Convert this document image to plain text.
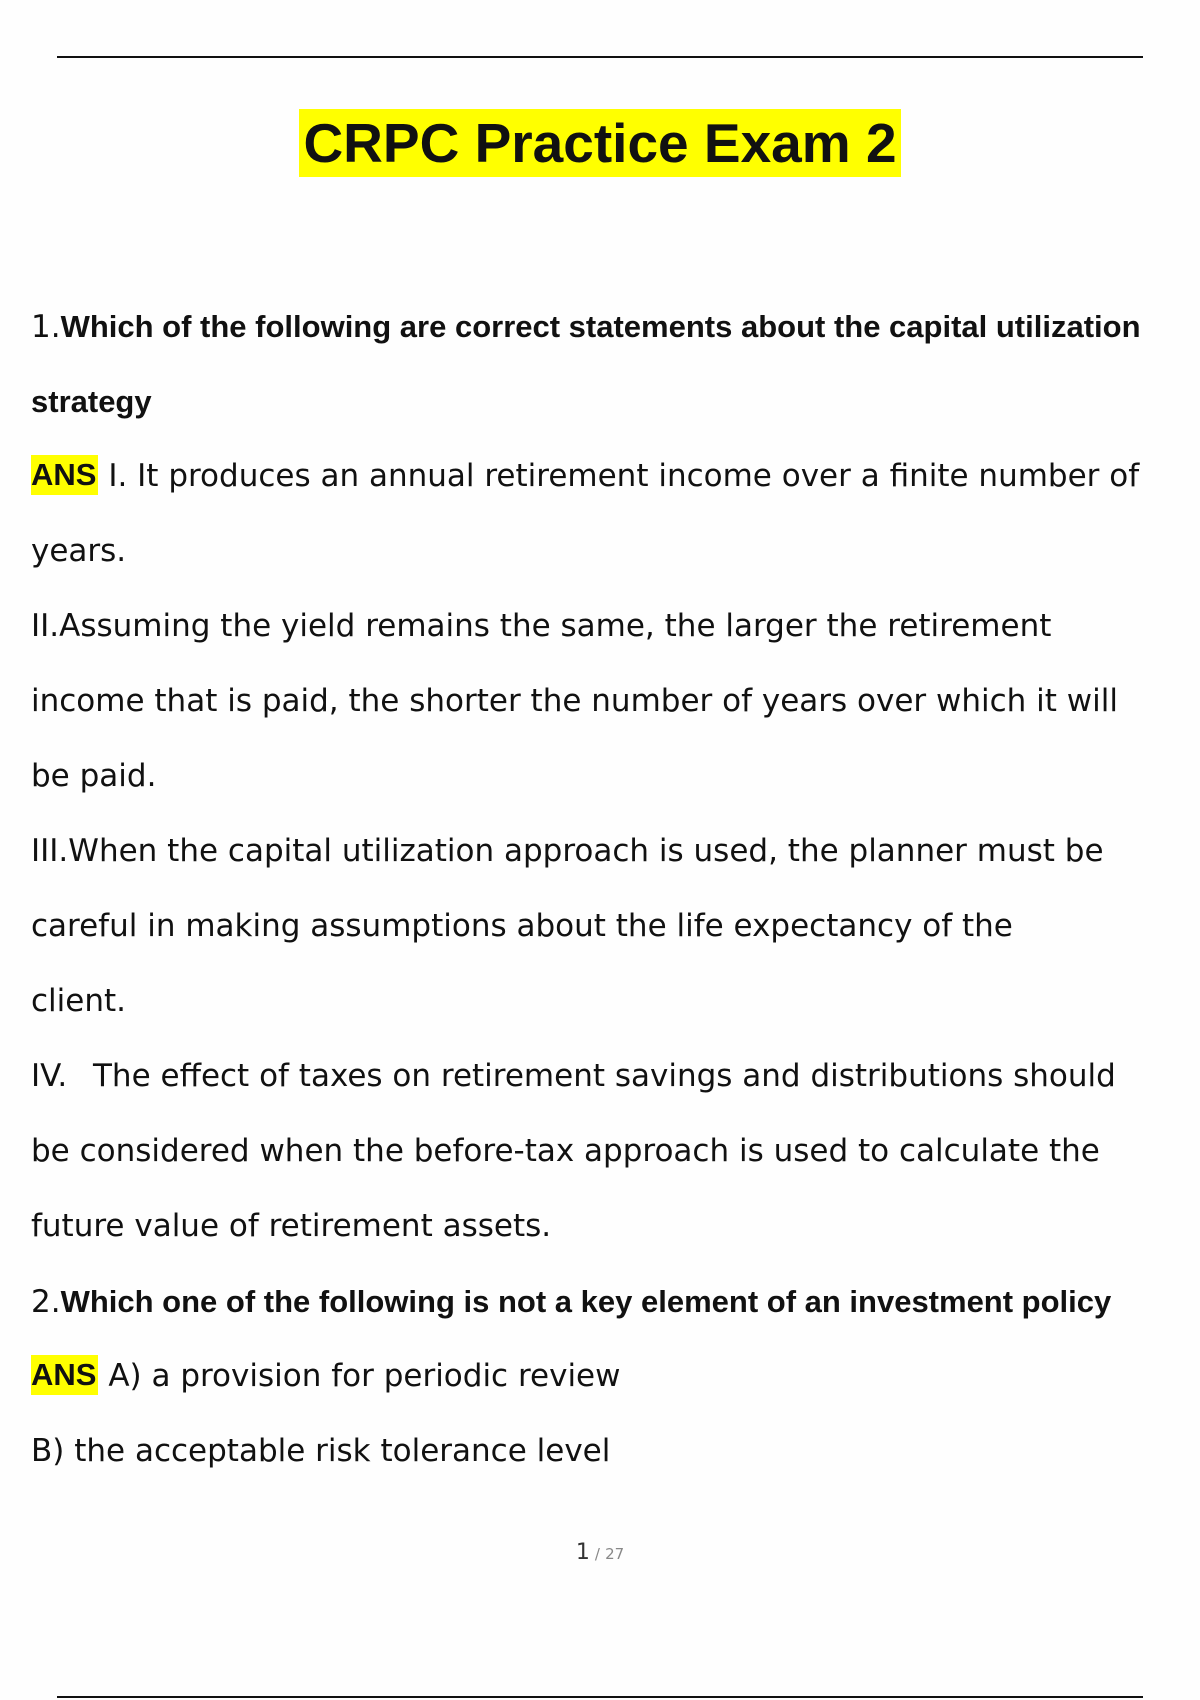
CRPC Practice Exam 2
1.Which of the following are correct statements about the capital utilization
strategy
ANS I. It produces an annual retirement income over a finite number of
years.
II.Assuming the yield remains the same, the larger the retirement
income that is paid, the shorter the number of years over which it will
be paid.
III.When the capital utilization approach is used, the planner must be
careful in making assumptions about the life expectancy of the
client.
IV. The effect of taxes on retirement savings and distributions should
be considered when the before-tax approach is used to calculate the
future value of retirement assets.
2.Which one of the following is not a key element of an investment policy
ANS A) a provision for periodic review
B) the acceptable risk tolerance level
1 / 27
